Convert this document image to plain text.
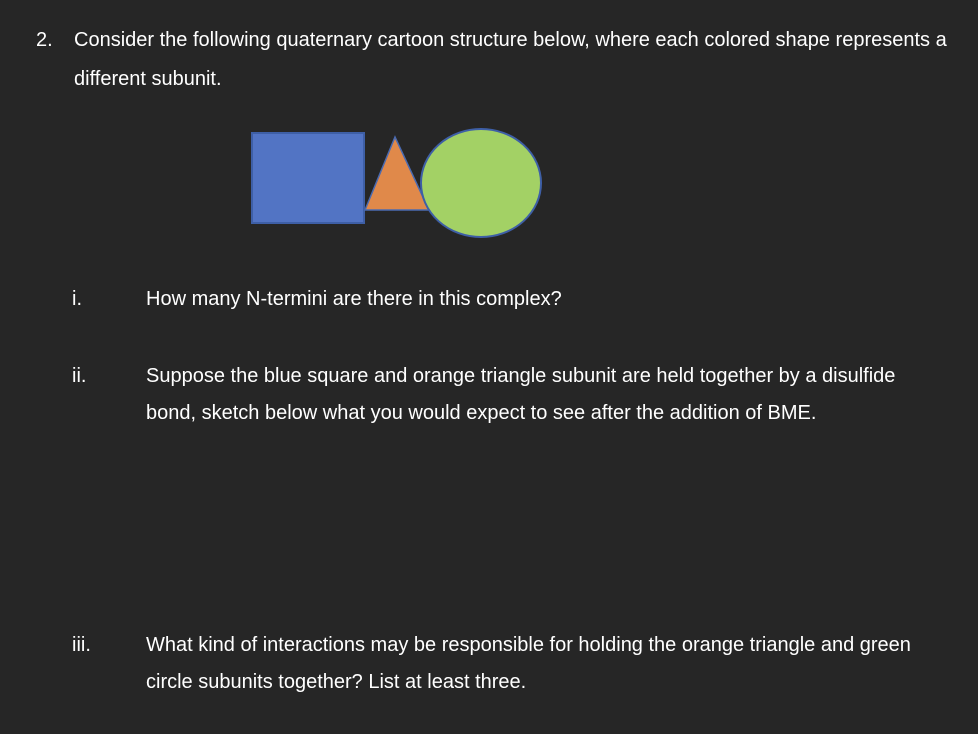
2. Consider the following quaternary cartoon structure below, where each colored shape represents a different subunit.
i.	How many N-termini are there in this complex?
ii.	Suppose the blue square and orange triangle subunit are held together by a disulfide bond, sketch below what you would expect to see after the addition of BME.
iii.	What kind of interactions may be responsible for holding the orange triangle and green circle subunits together? List at least three.
